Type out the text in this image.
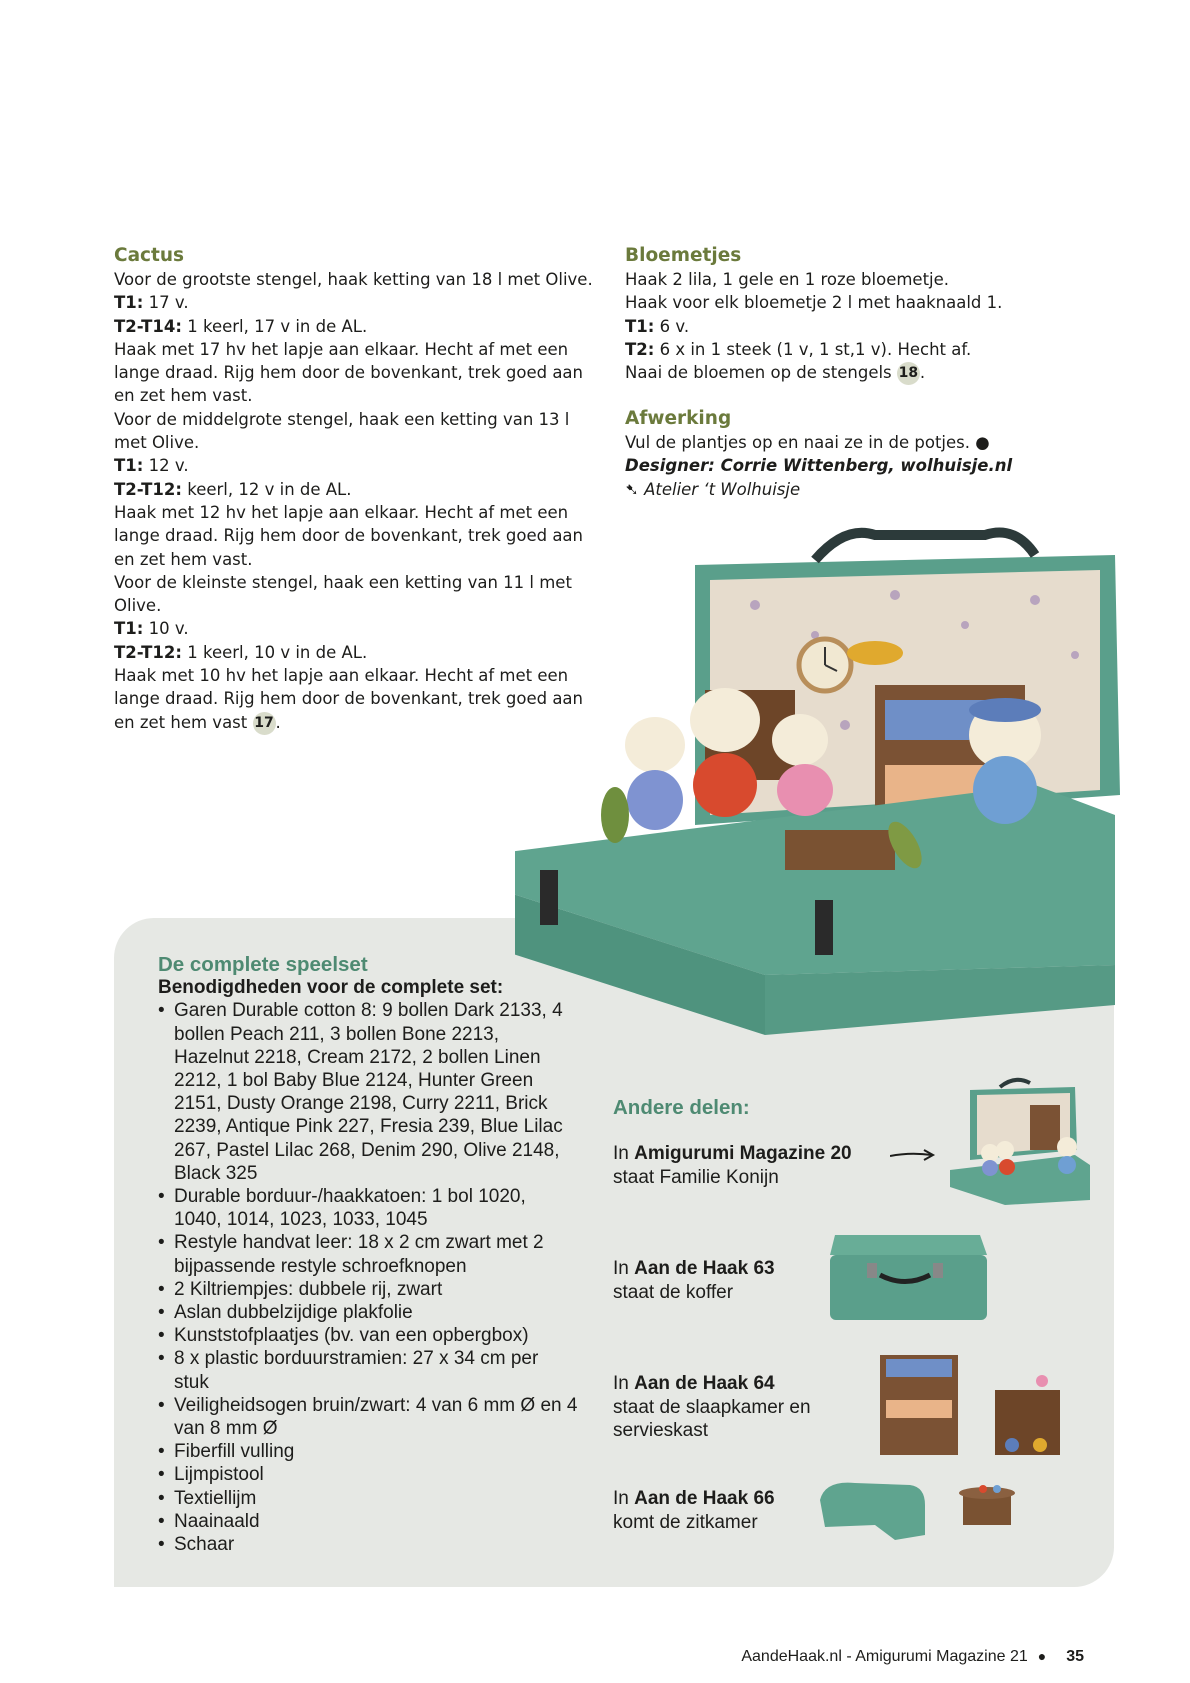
Cactus

Voor de grootste stengel, haak ketting van 18 l met Olive.

T1: 17 v.

T2-T14: 1 keerl, 17 v in de AL.

Haak met 17 hv het lapje aan elkaar. Hecht af met een lange draad. Rijg hem door de bovenkant, trek goed aan en zet hem vast.

Voor de middelgrote stengel, haak een ketting van 13 l met Olive.

T1: 12 v.

T2-T12: keerl, 12 v in de AL.

Haak met 12 hv het lapje aan elkaar. Hecht af met een lange draad. Rijg hem door de bovenkant, trek goed aan en zet hem vast.

Voor de kleinste stengel, haak een ketting van 11 l met Olive.

T1: 10 v.

T2-T12: 1 keerl, 10 v in de AL.

Haak met 10 hv het lapje aan elkaar. Hecht af met een lange draad. Rijg hem door de bovenkant, trek goed aan en zet hem vast 17 .

Bloemetjes

Haak 2 lila, 1 gele en 1 roze bloemetje.

Haak voor elk bloemetje 2 l met haaknaald 1.

T1: 6 v.

T2: 6 x in 1 steek (1 v, 1 st,1 v). Hecht af.

Naai de bloemen op de stengels 18 .

Afwerking

Vul de plantjes op en naai ze in de potjes. ●

Designer: Corrie Wittenberg, wolhuisje.nl

➷ Atelier ‘t Wolhuisje

De complete speelset
Benodigdheden voor de complete set:
• Garen Durable cotton 8: 9 bollen Dark 2133, 4 bollen Peach 211, 3 bollen Bone 2213, Hazelnut 2218, Cream 2172, 2 bollen Linen 2212, 1 bol Baby Blue 2124, Hunter Green 2151, Dusty Orange 2198, Curry 2211, Brick 2239, Antique Pink 227, Fresia 239, Blue Lilac 267, Pastel Lilac 268, Denim 290, Olive 2148, Black 325
• Durable borduur-/haakkatoen: 1 bol 1020, 1040, 1014, 1023, 1033, 1045
• Restyle handvat leer: 18 x 2 cm zwart met 2 bijpassende restyle schroefknopen
• 2 Kiltriempjes: dubbele rij, zwart
• Aslan dubbelzijdige plakfolie
• Kunststofplaatjes (bv. van een opbergbox)
• 8 x plastic borduurstramien: 27 x 34 cm per stuk
• Veiligheidsogen bruin/zwart: 4 van 6 mm Ø en 4 van 8 mm Ø
• Fiberfill vulling
• Lijmpistool
• Textiellijm
• Naainaald
• Schaar
Andere delen:
In Amigurumi Magazine 20
staat Familie Konijn
In Aan de Haak 63
staat de koffer
In Aan de Haak 64
staat de slaapkamer en servieskast
In Aan de Haak 66
komt de zitkamer
AandeHaak.nl - Amigurumi Magazine 21 ● 35
